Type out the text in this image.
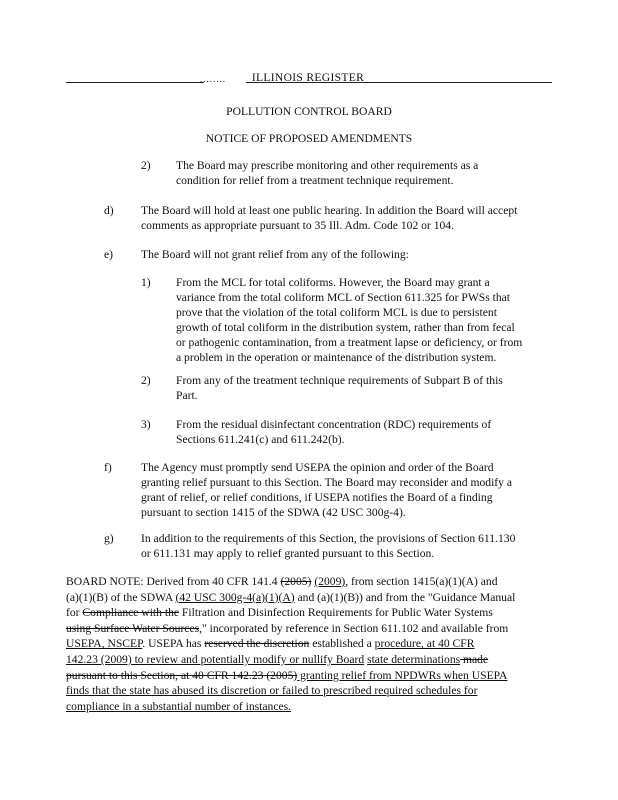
........	ILLINOIS REGISTER
POLLUTION CONTROL BOARD
NOTICE OF PROPOSED AMENDMENTS
2) The Board may prescribe monitoring and other requirements as a
condition for relief from a treatment technique requirement.
d) The Board will hold at least one public hearing. In addition the Board will accept
comments as appropriate pursuant to 35 Ill. Adm. Code 102 or 104.
e) The Board will not grant relief from any of the following:
1) From the MCL for total coliforms. However, the Board may grant a
variance from the total coliform MCL of Section 611.325 for PWSs that
prove that the violation of the total coliform MCL is due to persistent
growth of total coliform in the distribution system, rather than from fecal
or pathogenic contamination, from a treatment lapse or deficiency, or from
a problem in the operation or maintenance of the distribution system.
2) From any of the treatment technique requirements of Subpart B of this
Part.
3) From the residual disinfectant concentration (RDC) requirements of
Sections 611.241(c) and 611.242(b).
f)	The Agency must promptly send USEPA the opinion and order of the Board
granting relief pursuant to this Section. The Board may reconsider and modify a
grant of relief, or relief conditions, if USEPA notifies the Board of a finding
pursuant to section 1415 of the SDWA (42 USC 300g-4).
g) In addition to the requirements of this Section, the provisions of Section 611.130
or 611.131 may apply to relief granted pursuant to this Section.
BOARD NOTE: Derived from 40 CFR 141.4 (2005) (2009), from section 1415(a)(1)(A) and
(a)(1)(B) of the SDWA (42 USC 300g-4(a)(1)(A) and (a)(1)(B)) and from the "Guidance Manual
for Compliance with the Filtration and Disinfection Requirements for Public Water Systems
using Surface Water Sources," incorporated by reference in Section 611.102 and available from
USEPA, NSCEP. USEPA has reserved the discretion established a procedure, at 40 CFR
142.23 (2009) to review and potentially modify or nullify Board state determinations made
pursuant to this Section, at 40 CFR 142.23 (2005) granting relief from NPDWRs when USEPA
finds that the state has abused its discretion or failed to prescribed required schedules for
compliance in a substantial number of instances.
